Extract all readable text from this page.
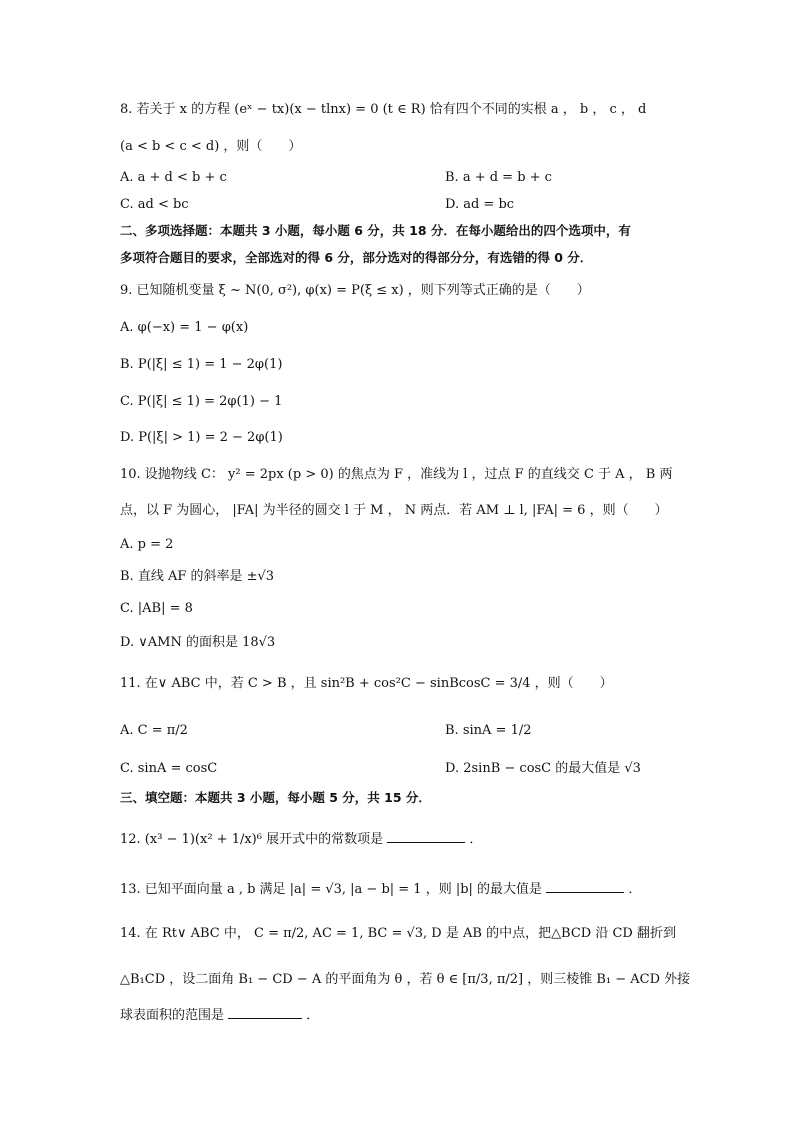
8. 若关于 x 的方程 (eˣ − tx)(x − tlnx) = 0 (t ∈ R) 恰有四个不同的实根 a ， b ， c ， d
(a < b < c < d) ，则（　　）
A. a + d < b + c	B. a + d = b + c
C. ad < bc	D. ad = bc
二、多项选择题：本题共 3 小题，每小题 6 分，共 18 分．在每小题给出的四个选项中，有
多项符合题目的要求，全部选对的得 6 分，部分选对的得部分分，有选错的得 0 分．
9. 已知随机变量 ξ ~ N(0, σ²), φ(x) = P(ξ ≤ x) ，则下列等式正确的是（　　）
A. φ(−x) = 1 − φ(x)
B. P(|ξ| ≤ 1) = 1 − 2φ(1)
C. P(|ξ| ≤ 1) = 2φ(1) − 1
D. P(|ξ| > 1) = 2 − 2φ(1)
10. 设抛物线 C： y² = 2px (p > 0) 的焦点为 F ，准线为 l ，过点 F 的直线交 C 于 A ， B 两
点，以 F 为圆心， |FA| 为半径的圆交 l 于 M ， N 两点．若 AM ⊥ l, |FA| = 6 ，则（　　）
A. p = 2
B. 直线 AF 的斜率是 ±√3
C. |AB| = 8
D. ∨AMN 的面积是 18√3
11. 在∨ ABC 中，若 C > B ，且 sin²B + cos²C − sinBcosC = 3/4 ，则（　　）
A. C = π/2	B. sinA = 1/2
C. sinA = cosC	D. 2sinB − cosC 的最大值是 √3
三、填空题：本题共 3 小题，每小题 5 分，共 15 分．
12. (x³ − 1)(x² + 1/x)⁶ 展开式中的常数项是	．
13. 已知平面向量 a , b 满足 |a| = √3, |a − b| = 1 ，则 |b| 的最大值是	．
14. 在 Rt∨ ABC 中， C = π/2, AC = 1, BC = √3, D 是 AB 的中点，把△BCD 沿 CD 翻折到
△B₁CD ，设二面角 B₁ − CD − A 的平面角为 θ ，若 θ ∈ [π/3, π/2] ，则三棱锥 B₁ − ACD 外接
球表面积的范围是	．
